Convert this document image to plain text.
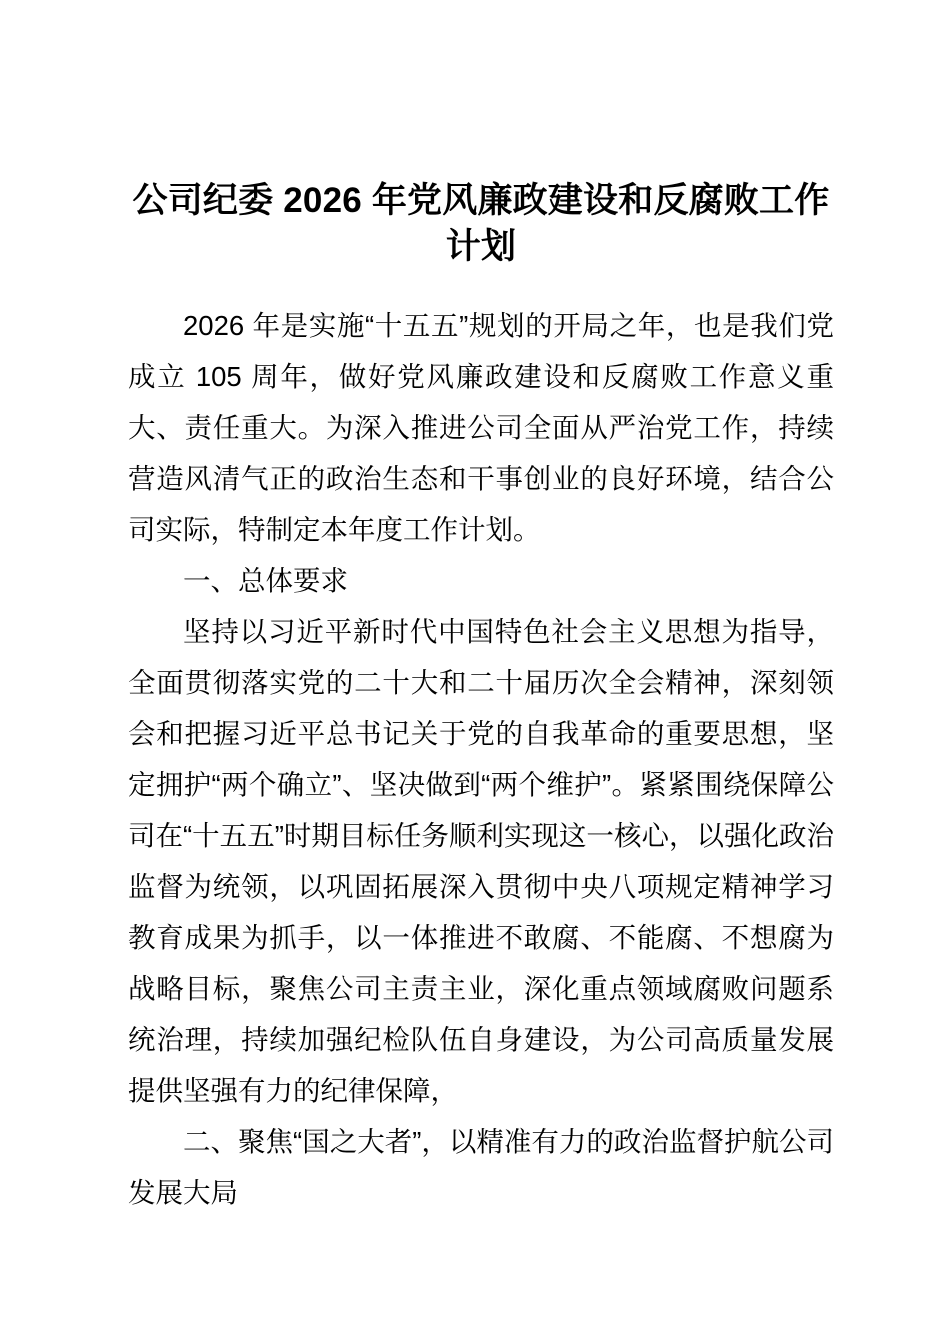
公司纪委 2026 年党风廉政建设和反腐败工作计划

2026 年是实施“十五五”规划的开局之年，也是我们党成立 105 周年，做好党风廉政建设和反腐败工作意义重大、责任重大。为深入推进公司全面从严治党工作，持续营造风清气正的政治生态和干事创业的良好环境，结合公司实际，特制定本年度工作计划。

一、总体要求

坚持以习近平新时代中国特色社会主义思想为指导，全面贯彻落实党的二十大和二十届历次全会精神，深刻领会和把握习近平总书记关于党的自我革命的重要思想，坚定拥护“两个确立”、坚决做到“两个维护”。紧紧围绕保障公司在“十五五”时期目标任务顺利实现这一核心，以强化政治监督为统领，以巩固拓展深入贯彻中央八项规定精神学习教育成果为抓手，以一体推进不敢腐、不能腐、不想腐为战略目标，聚焦公司主责主业，深化重点领域腐败问题系统治理，持续加强纪检队伍自身建设，为公司高质量发展提供坚强有力的纪律保障，

二、聚焦“国之大者”，以精准有力的政治监督护航公司发展大局
